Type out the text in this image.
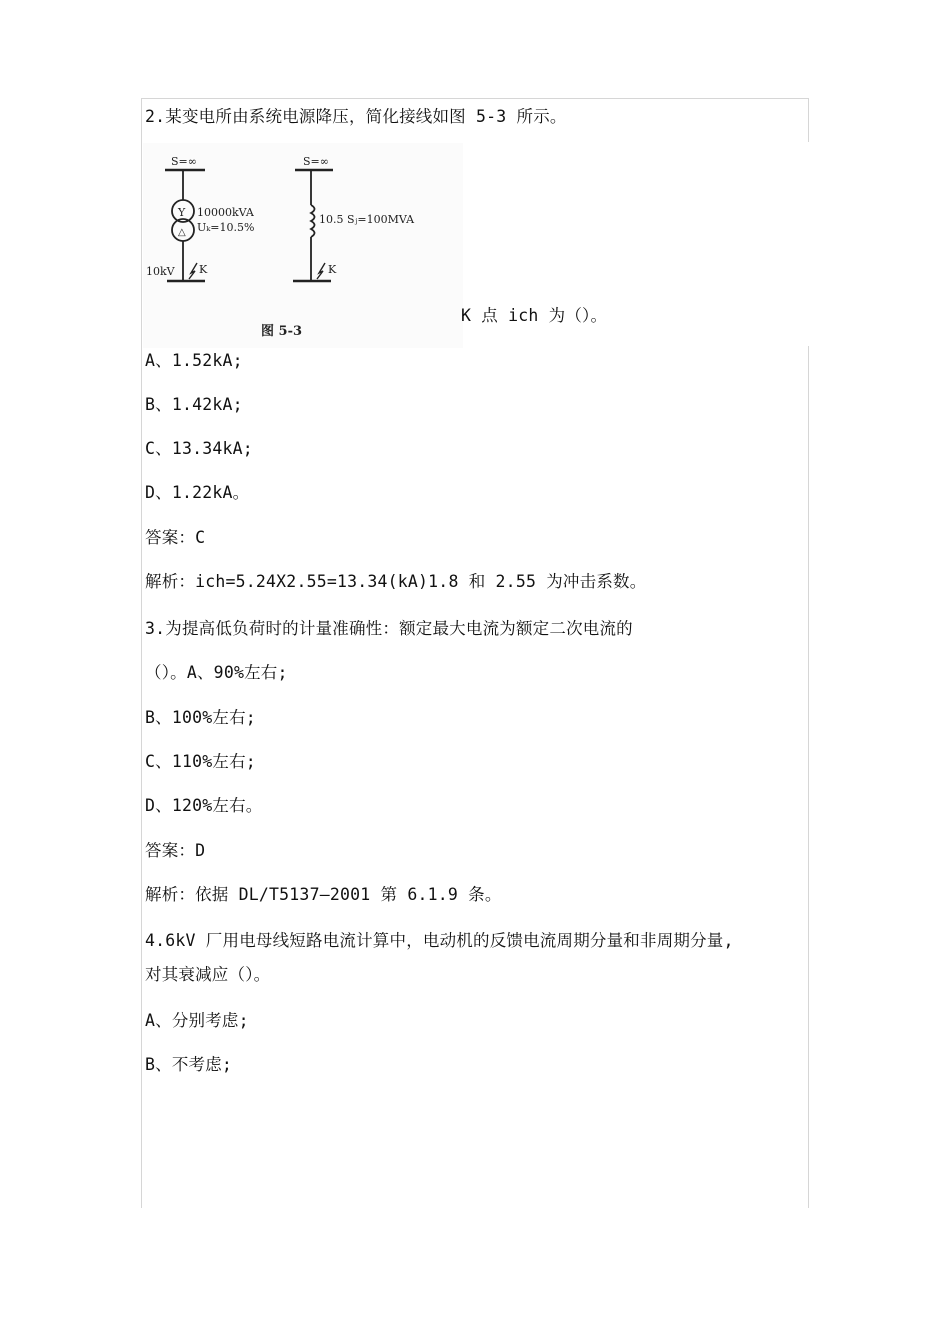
2.某变电所由系统电源降压，简化接线如图 5-3 所示。
S=∞
Y
△
10000kVA
Uₖ=10.5%
10kV K
S=∞
10.5 Sⱼ=100MVA
K
图 5-3
K 点 ich 为（）。
A、1.52kA;
B、1.42kA;
C、13.34kA;
D、1.22kA。
答案：C
解析：ich=5.24X2.55=13.34(kA)1.8 和 2.55 为冲击系数。
3.为提高低负荷时的计量准确性：额定最大电流为额定二次电流的
（）。A、90%左右;
B、100%左右;
C、110%左右;
D、120%左右。
答案：D
解析：依据 DL/T5137—2001 第 6.1.9 条。
4.6kV 厂用电母线短路电流计算中，电动机的反馈电流周期分量和非周期分量,
对其衰减应（）。
A、分别考虑;
B、不考虑;
